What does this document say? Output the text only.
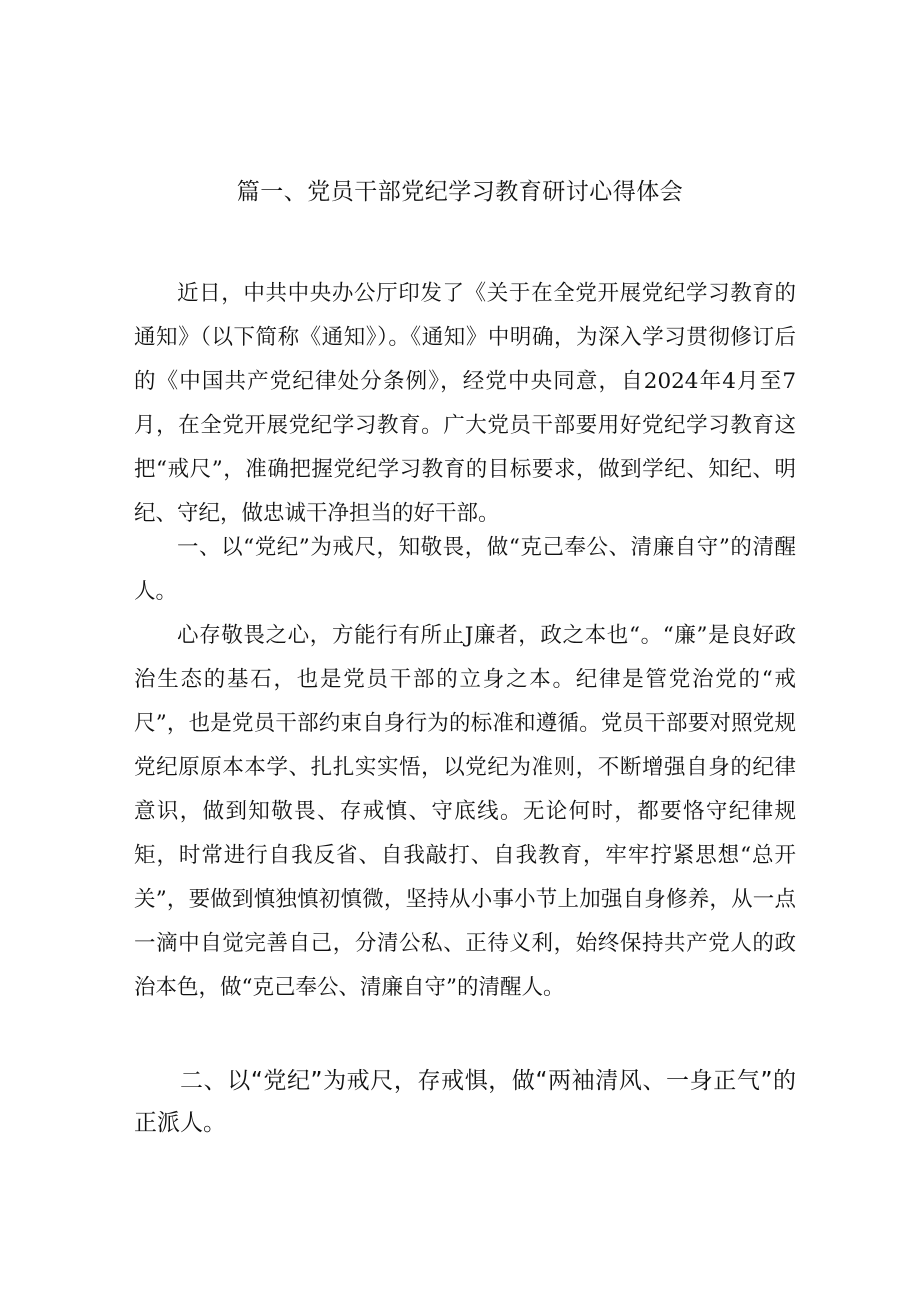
篇一、党员干部党纪学习教育研讨心得体会

近日，中共中央办公厅印发了《关于在全党开展党纪学习教育的通知》（以下简称《通知》）。《通知》中明确，为深入学习贯彻修订后的《中国共产党纪律处分条例》，经党中央同意，自2024年4月至7月，在全党开展党纪学习教育。广大党员干部要用好党纪学习教育这把“戒尺”，准确把握党纪学习教育的目标要求，做到学纪、知纪、明纪、守纪，做忠诚干净担当的好干部。

一、以“党纪”为戒尺，知敬畏，做“克己奉公、清廉自守”的清醒人。

心存敬畏之心，方能行有所止J廉者，政之本也“。“廉”是良好政治生态的基石，也是党员干部的立身之本。纪律是管党治党的“戒尺”，也是党员干部约束自身行为的标准和遵循。党员干部要对照党规党纪原原本本学、扎扎实实悟，以党纪为准则，不断增强自身的纪律意识，做到知敬畏、存戒慎、守底线。无论何时，都要恪守纪律规矩，时常进行自我反省、自我敲打、自我教育，牢牢拧紧思想“总开关”，要做到慎独慎初慎微，坚持从小事小节上加强自身修养，从一点一滴中自觉完善自己，分清公私、正待义利，始终保持共产党人的政治本色，做“克己奉公、清廉自守”的清醒人。

二、以“党纪”为戒尺，存戒惧，做“两袖清风、一身正气”的正派人。
